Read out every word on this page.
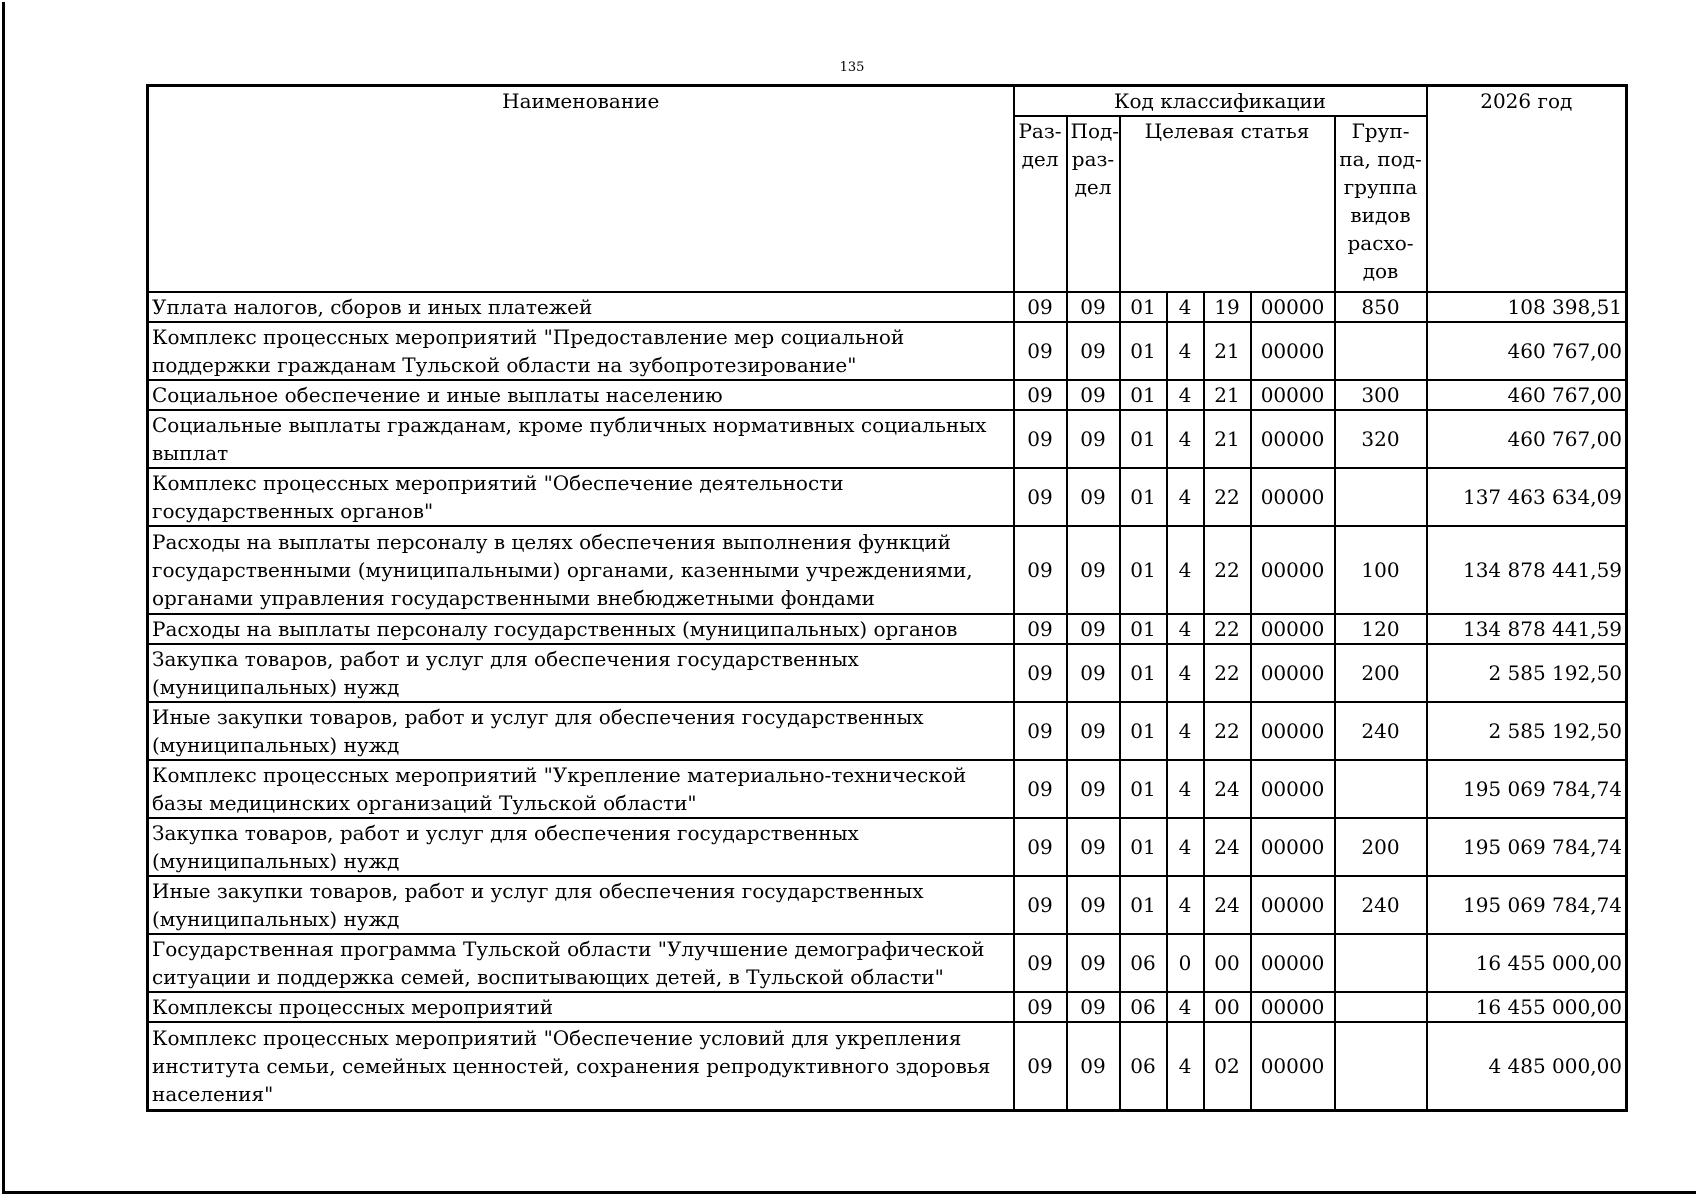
135
Наименование	Код классификации							2026 год
	Раз-дел	Под-раз-дел	Целевая статья				Груп-па, под-группа видов расхо-дов	
Уплата налогов, сборов и иных платежей	09	09	01	4	19	00000	850	108 398,51
Комплекс процессных мероприятий "Предоставление мер социальной поддержки гражданам Тульской области на зубопротезирование"	09	09	01	4	21	00000		460 767,00
Социальное обеспечение и иные выплаты населению	09	09	01	4	21	00000	300	460 767,00
Социальные выплаты гражданам, кроме публичных нормативных социальных выплат	09	09	01	4	21	00000	320	460 767,00
Комплекс процессных мероприятий "Обеспечение деятельности государственных органов"	09	09	01	4	22	00000		137 463 634,09
Расходы на выплаты персоналу в целях обеспечения выполнения функций государственными (муниципальными) органами, казенными учреждениями, органами управления государственными внебюджетными фондами	09	09	01	4	22	00000	100	134 878 441,59
Расходы на выплаты персоналу государственных (муниципальных) органов	09	09	01	4	22	00000	120	134 878 441,59
Закупка товаров, работ и услуг для обеспечения государственных (муниципальных) нужд	09	09	01	4	22	00000	200	2 585 192,50
Иные закупки товаров, работ и услуг для обеспечения государственных (муниципальных) нужд	09	09	01	4	22	00000	240	2 585 192,50
Комплекс процессных мероприятий "Укрепление материально-технической базы медицинских организаций Тульской области"	09	09	01	4	24	00000		195 069 784,74
Закупка товаров, работ и услуг для обеспечения государственных (муниципальных) нужд	09	09	01	4	24	00000	200	195 069 784,74
Иные закупки товаров, работ и услуг для обеспечения государственных (муниципальных) нужд	09	09	01	4	24	00000	240	195 069 784,74
Государственная программа Тульской области "Улучшение демографической ситуации и поддержка семей, воспитывающих детей, в Тульской области"	09	09	06	0	00	00000		16 455 000,00
Комплексы процессных мероприятий	09	09	06	4	00	00000		16 455 000,00
Комплекс процессных мероприятий "Обеспечение условий для укрепления института семьи, семейных ценностей, сохранения репродуктивного здоровья населения"	09	09	06	4	02	00000		4 485 000,00
